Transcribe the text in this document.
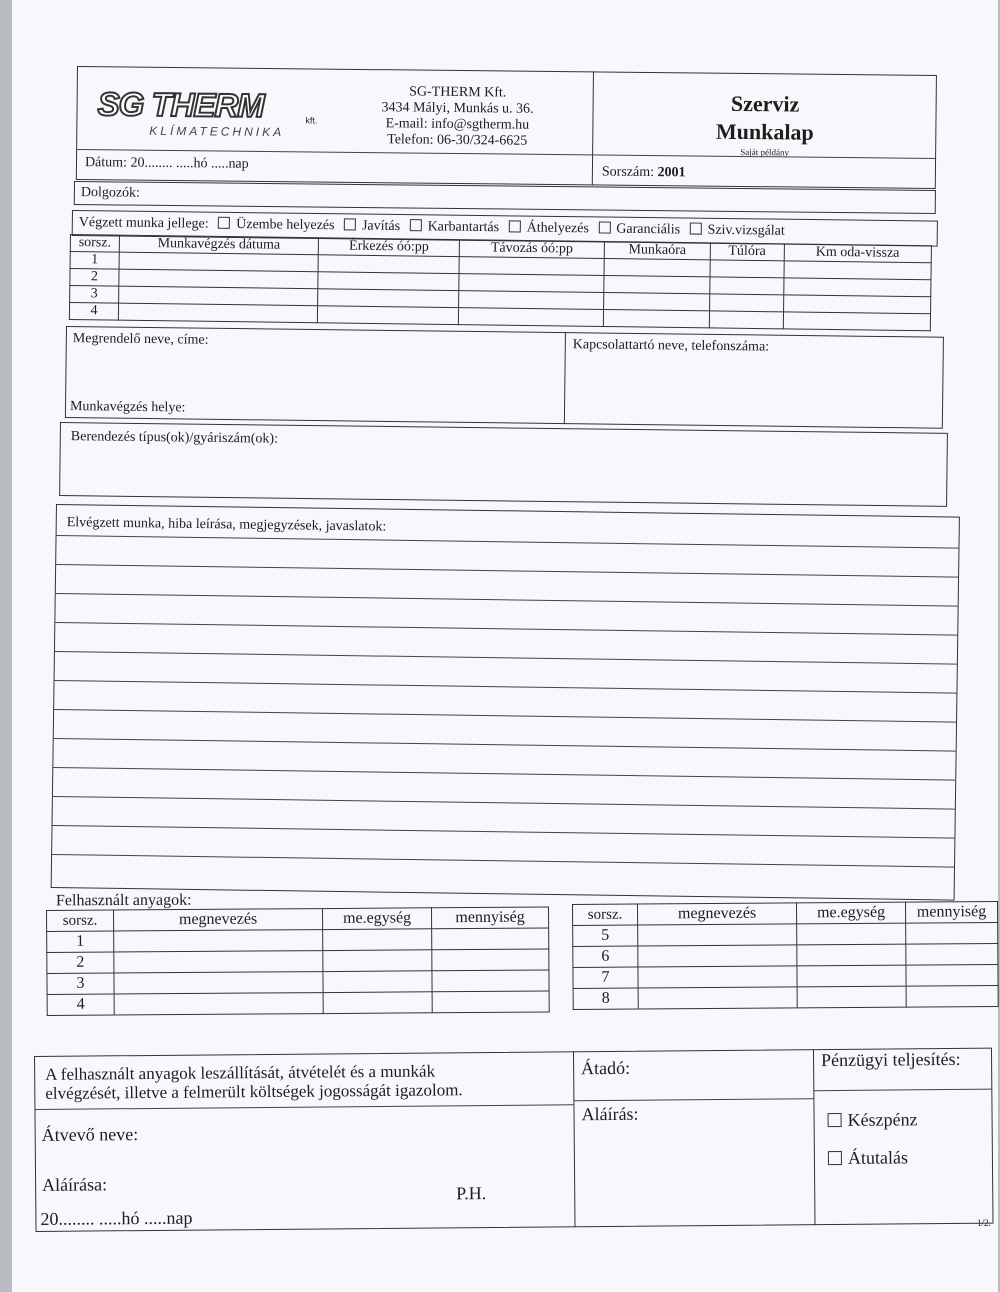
SG THERM	kft.
KLÍMATECHNIKA
SG-THERM Kft.
3434 Mályi, Munkás u. 36.
E-mail: info@sgtherm.hu
Telefon: 06-30/324-6625
Szerviz
Munkalap
Saját példány
Dátum: 20........ .....hó .....nap
Sorszám: 2001
Dolgozók:
Végzett munka jellege: Üzembe helyezés Javítás Karbantartás Áthelyezés Garanciális Sziv.vizsgálat
sorsz.	Munkavégzés dátuma	Érkezés óó:pp	Távozás óó:pp	Munkaóra	Túlóra	Km oda-vissza
1						
2						
3						
4						
Megrendelő neve, címe:	Kapcsolattartó neve, telefonszáma:
Munkavégzés helye:
Berendezés típus(ok)/gyáriszám(ok):
Elvégzett munka, hiba leírása, megjegyzések, javaslatok:
Felhasznált anyagok:
sorsz.	megnevezés	me.egység	mennyiség
1			
2			
3			
4			
sorsz.	megnevezés	me.egység	mennyiség
5			
6			
7			
8			
A felhasznált anyagok leszállítását, átvételét és a munkák
elvégzését, illetve a felmerült költségek jogosságát igazolom.
Átvevő neve:
Aláírása:	P.H.
20........ .....hó .....nap
Átadó:
Aláírás:
Pénzügyi teljesítés:
Készpénz
Átutalás
1/2.
